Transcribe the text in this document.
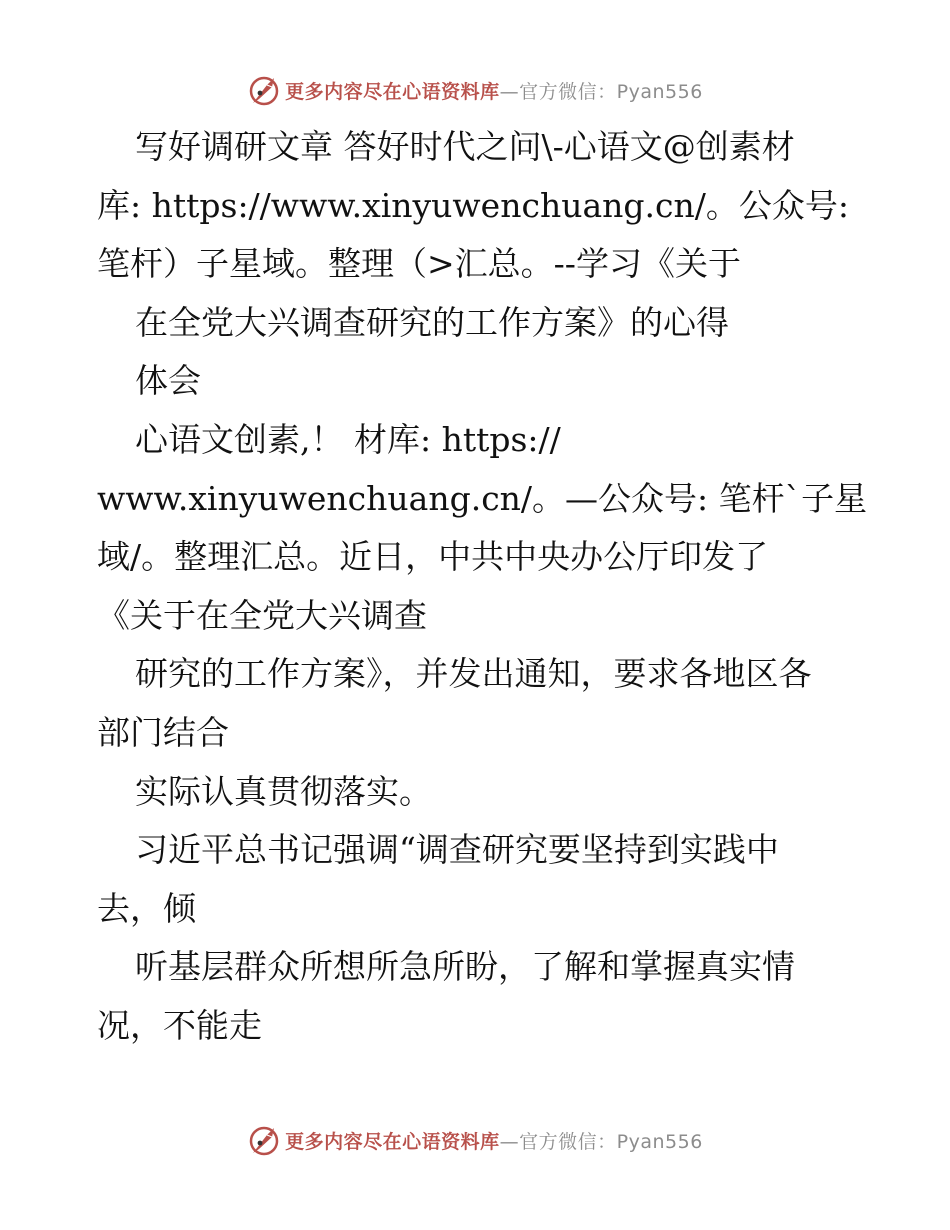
更多内容尽在心语资料库 —官方微信：Pyan556
写好调研文章 答好时代之问\-心语文@创素材
库: https://www.xinyuwenchuang.cn/。公众号:
笔杆）子星域。整理（>汇总。--学习《关于
在全党大兴调查研究的工作方案》的心得
体会
心语文创素,！ 材库: https://
www.xinyuwenchuang.cn/。—公众号: 笔杆`子星
域/。整理汇总。近日，中共中央办公厅印发了
《关于在全党大兴调查
研究的工作方案》，并发出通知，要求各地区各
部门结合
实际认真贯彻落实。
习近平总书记强调“调查研究要坚持到实践中
去，倾
听基层群众所想所急所盼，了解和掌握真实情
况，不能走
更多内容尽在心语资料库 —官方微信：Pyan556
